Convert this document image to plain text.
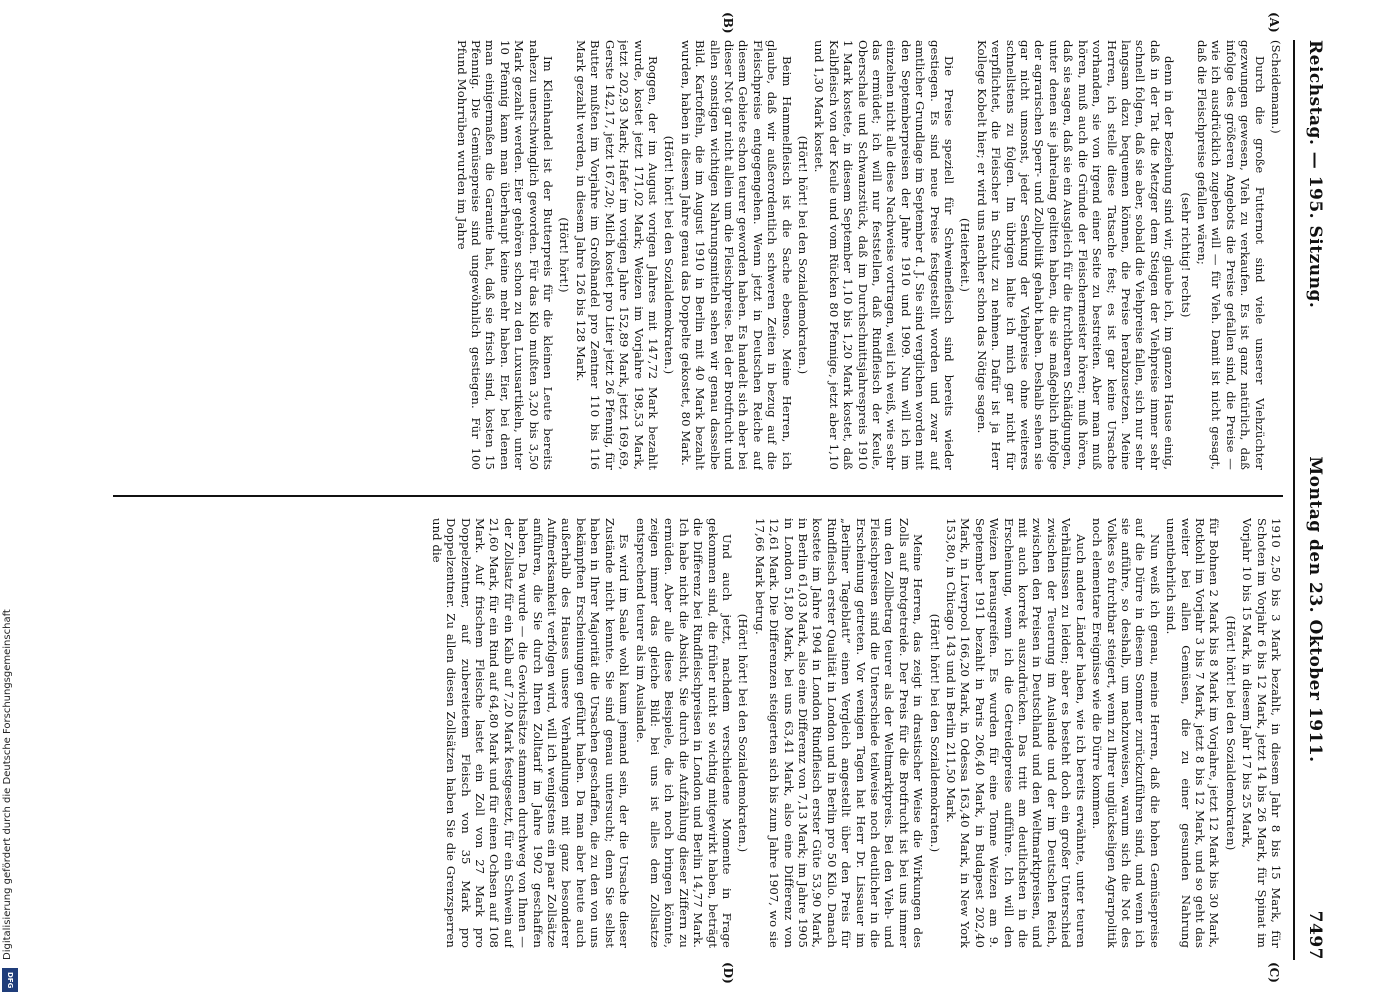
Digitalisierung gefördert durch die Deutsche Forschungsgemeinschaft
DFG
Reichstag. — 195. Sitzung.
Montag den 23. Oktober 1911.
7497
(A)
(B)
(C)
(D)

(Scheidemann.)

Durch die große Futternot sind viele unserer Viehzüchter gezwungen gewesen, Vieh zu verkaufen. Es ist ganz natürlich, daß infolge des größeren Angebots die Preise gefallen sind, die Preise — wie ich ausdrücklich zugeben will — für Vieh. Damit ist nicht gesagt, daß die Fleischpreise gefallen wären;

(sehr richtig! rechts)

denn in der Beziehung sind wir, glaube ich, im ganzen Hause einig, daß in der Tat die Metzger dem Steigen der Viehpreise immer sehr schnell folgen, daß sie aber, sobald die Viehpreise fallen, sich nur sehr langsam dazu bequemen können, die Preise herabzusetzen. Meine Herren, ich stelle diese Tatsache fest; es ist gar keine Ursache vorhanden, sie von irgend einer Seite zu bestreiten. Aber man muß hören, muß auch die Gründe der Fleischermeister hören; muß hören, daß sie sagen, daß sie ein Ausgleich für die furchtbaren Schädigungen, unter denen sie jahrelang gelitten haben, die sie maßgeblich infolge der agrarischen Sperr- und Zollpolitik gehabt haben. Deshalb sehen sie gar nicht umsonst, jeder Senkung der Viehpreise ohne weiteres schnellstens zu folgen. Im übrigen halte ich mich gar nicht für verpflichtet, die Fleischer in Schutz zu nehmen. Dafür ist ja Herr Kollege Kobelt hier; er wird uns nachher schon das Nötige sagen.

(Heiterkeit.)

Die Preise speziell für Schweinefleisch sind bereits wieder gestiegen. Es sind neue Preise festgestellt worden und zwar auf amtlicher Grundlage im September d. J. Sie sind verglichen worden mit den Septemberpreisen der Jahre 1910 und 1909. Nun will ich im einzelnen nicht alle diese Nachweise vortragen, weil ich weiß, wie sehr das ermüdet; ich will nur feststellen, daß Rindfleisch der Keule, Oberschale und Schwanzstück, daß im Durchschnittsjahrespreis 1910 1 Mark kostete, in diesem September 1,10 bis 1,20 Mark kostet, daß Kalbfleisch von der Keule und vom Rücken 80 Pfennige, jetzt aber 1,10 und 1,30 Mark kostet.

(Hört! hört! bei den Sozialdemokraten.)

Beim Hammelfleisch ist die Sache ebenso. Meine Herren, ich glaube, daß wir außerordentlich schweren Zeiten in bezug auf die Fleischpreise entgegengehen. Wenn jetzt in Deutschen Reiche auf diesem Gebiete schon teurer geworden haben. Es handelt sich aber bei dieser Not gar nicht allein um die Fleischpreise. Bei der Brotfrucht und allen sonstigen wichtigen Nahrungsmitteln sehen wir genau dasselbe Bild. Kartoffeln, die im August 1910 in Berlin mit 40 Mark bezahlt wurden, haben in diesem Jahre genau das Doppelte gekostet, 80 Mark.

(Hört! hört! bei den Sozialdemokraten.)

Roggen, der im August vorigen Jahres mit 147,72 Mark bezahlt wurde, kostet jetzt 171,02 Mark; Weizen im Vorjahre 198,53 Mark, jetzt 202,93 Mark; Hafer im vorigen Jahre 152,89 Mark, jetzt 169,69, Gerste 142,17, jetzt 167,20; Milch kostet pro Liter jetzt 26 Pfennig, für Butter mußten im Vorjahre im Großhandel pro Zentner 110 bis 116 Mark gezahlt werden, in diesem Jahre 126 bis 128 Mark.

(Hört! hört!)

Im Kleinhandel ist der Butterpreis für die kleinen Leute bereits nahezu unerschwinglich geworden. Für das Kilo mußten 3,20 bis 3,50 Mark gezahlt werden. Eier gehören schon zu den Luxusartikeln, unter 10 Pfennig kann man überhaupt keine mehr haben. Eier, bei denen man einigermaßen die Garantie hat, daß sie frisch sind, kosten 15 Pfennig. Die Gemüsepreise sind ungewöhnlich gestiegen. Für 100 Pfund Mohrrüben wurden im Jahre

1910 2,50 bis 3 Mark bezahlt, in diesem Jahr 8 bis 15 Mark, für Schoten im Vorjahr 6 bis 12 Mark, jetzt 14 bis 26 Mark, für Spinat im Vorjahr 10 bis 15 Mark, in diesem Jahr 17 bis 25 Mark,

(Hört! hört! bei den Sozialdemokraten)

für Bohnen 2 Mark bis 8 Mark im Vorjahre, jetzt 12 Mark bis 30 Mark, Rotkohl im Vorjahr 3 bis 7 Mark, jetzt 8 bis 12 Mark, und so geht das weiter bei allen Gemüsen, die zu einer gesunden Nahrung unentbehrlich sind.

Nun weiß ich genau, meine Herren, daß die hohen Gemüsepreise auf die Dürre in diesem Sommer zurückzuführen sind, und wenn ich sie anführe, so deshalb, um nachzuweisen, warum sich die Not des Volkes so furchtbar steigert, wenn zu Ihrer unglückseligen Agrarpolitik noch elementare Ereignisse wie die Dürre kommen.

Auch andere Länder haben, wie ich bereits erwähnte, unter teuren Verhältnissen zu leiden; aber es besteht doch ein großer Unterschied zwischen der Teuerung im Auslande und der im Deutschen Reich, zwischen den Preisen in Deutschland und den Weltmarktpreisen, und mit auch korrekt auszudrücken. Das tritt am deutlichsten in die Erscheinung, wenn ich die Getreidepreise aufführe. Ich will den Weizen herausgreifen. Es wurden für eine Tonne Weizen am 9. September 1911 bezahlt in Paris 206,40 Mark, in Budapest 202,40 Mark, in Liverpool 166,20 Mark, in Odessa 163,40 Mark, in New York 153,80, in Chicago 143 und in Berlin 211,50 Mark.

(Hört! hört! bei den Sozialdemokraten.)

Meine Herren, das zeigt in drastischer Weise die Wirkungen des Zolls auf Brotgetreide. Der Preis für die Brotfrucht ist bei uns immer um den Zollbetrag teurer als der Weltmarktpreis. Bei den Vieh- und Fleischpreisen sind die Unterschiede teilweise noch deutlicher in die Erscheinung getreten. Vor wenigen Tagen hat Herr Dr. Lissauer im „Berliner Tageblatt“ einen Vergleich angestellt über den Preis für Rindfleisch erster Qualität in London und in Berlin pro 50 Kilo. Danach kostete im Jahre 1904 in London Rindfleisch erster Güte 53,90 Mark, in Berlin 61,03 Mark, also eine Differenz von 7,13 Mark; im Jahre 1905 in London 51,80 Mark, bei uns 63,41 Mark, also eine Differenz von 12,61 Mark. Die Differenzen steigerten sich bis zum Jahre 1907, wo sie 17,66 Mark betrug.

(Hört! hört! bei den Sozialdemokraten.)

Und auch jetzt, nachdem verschiedene Momente in Frage gekommen sind, die früher nicht so wichtig mitgewirkt haben, beträgt die Differenz bei Rindfleischpreisen in London und Berlin 14,77 Mark. Ich habe nicht die Absicht, Sie durch die Aufzählung dieser Ziffern zu ermüden. Aber alle diese Beispiele, die ich noch bringen könnte, zeigen immer das gleiche Bild: bei uns ist alles dem Zollsatze entsprechend teurer als im Auslande.

Es wird im Saale wohl kaum jemand sein, der die Ursache dieser Zustände nicht kennte. Sie sind genau untersucht; denn Sie selbst haben in Ihrer Majorität die Ursachen geschaffen, die zu den von uns bekämpften Erscheinungen geführt haben. Da man aber heute auch außerhalb des Hauses unsere Verhandlungen mit ganz besonderer Aufmerksamkeit verfolgen wird, will ich wenigstens ein paar Zollsätze anführen, die Sie durch Ihren Zolltarif im Jahre 1902 geschaffen haben. Da wurde — die Gewichtsätze stammen durchweg von Ihnen — der Zollsatz für ein Kalb auf 7,20 Mark festgesetzt, für ein Schwein auf 21,60 Mark, für ein Rind auf 64,80 Mark und für einen Ochsen auf 108 Mark. Auf frischem Fleische lastet ein Zoll von 27 Mark pro Doppelzentner, auf zubereitetem Fleisch von 35 Mark pro Doppelzentner. Zu allen diesen Zollsätzen haben Sie die Grenzsperren und die
